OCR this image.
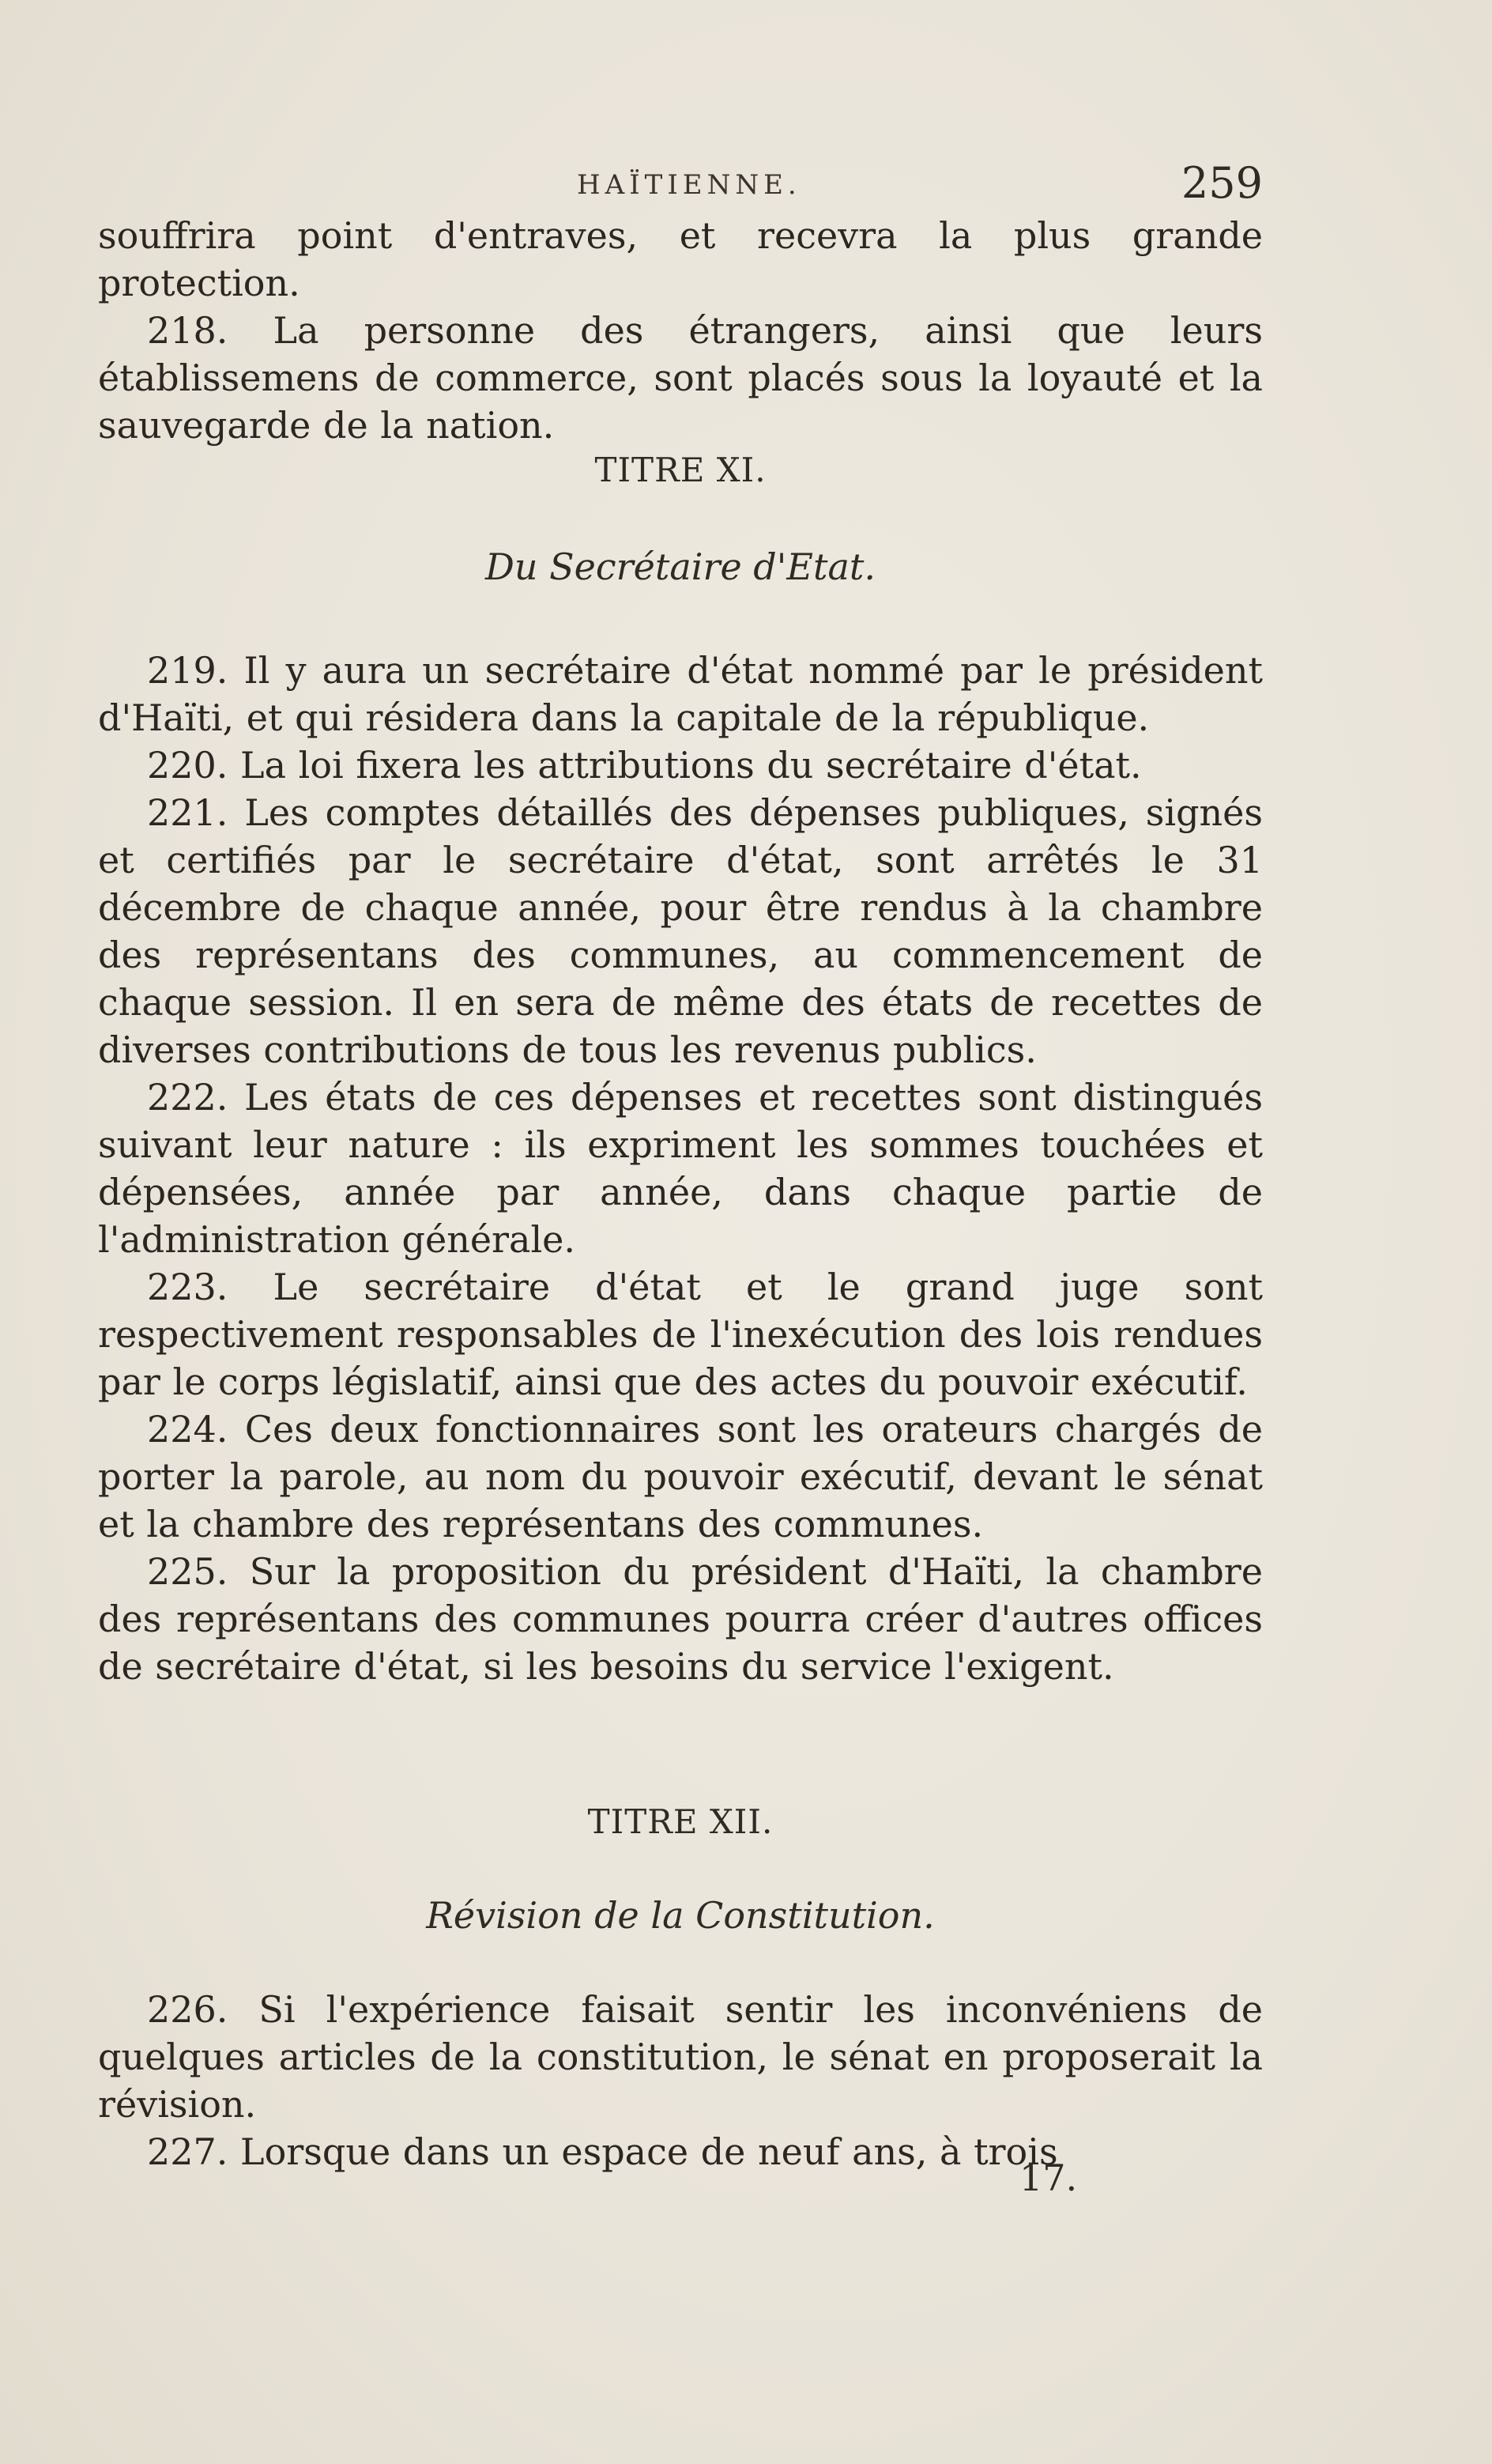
HAÏTIENNE.	259

souffrira point d'entraves, et recevra la plus grande protection.

218. La personne des étrangers, ainsi que leurs établissemens de commerce, sont placés sous la loyauté et la sauvegarde de la nation.

TITRE XI.
Du Secrétaire d'Etat.

219. Il y aura un secrétaire d'état nommé par le président d'Haïti, et qui résidera dans la capitale de la république.

220. La loi fixera les attributions du secrétaire d'état.

221. Les comptes détaillés des dépenses publiques, signés et certifiés par le secrétaire d'état, sont arrêtés le 31 décembre de chaque année, pour être rendus à la chambre des représentans des communes, au commencement de chaque session. Il en sera de même des états de recettes de diverses contributions de tous les revenus publics.

222. Les états de ces dépenses et recettes sont distingués suivant leur nature : ils expriment les sommes touchées et dépensées, année par année, dans chaque partie de l'administration générale.

223. Le secrétaire d'état et le grand juge sont respectivement responsables de l'inexécution des lois rendues par le corps législatif, ainsi que des actes du pouvoir exécutif.

224. Ces deux fonctionnaires sont les orateurs chargés de porter la parole, au nom du pouvoir exécutif, devant le sénat et la chambre des représentans des communes.

225. Sur la proposition du président d'Haïti, la chambre des représentans des communes pourra créer d'autres offices de secrétaire d'état, si les besoins du service l'exigent.

TITRE XII.
Révision de la Constitution.

226. Si l'expérience faisait sentir les inconvéniens de quelques articles de la constitution, le sénat en proposerait la révision.

227. Lorsque dans un espace de neuf ans, à trois

17.
